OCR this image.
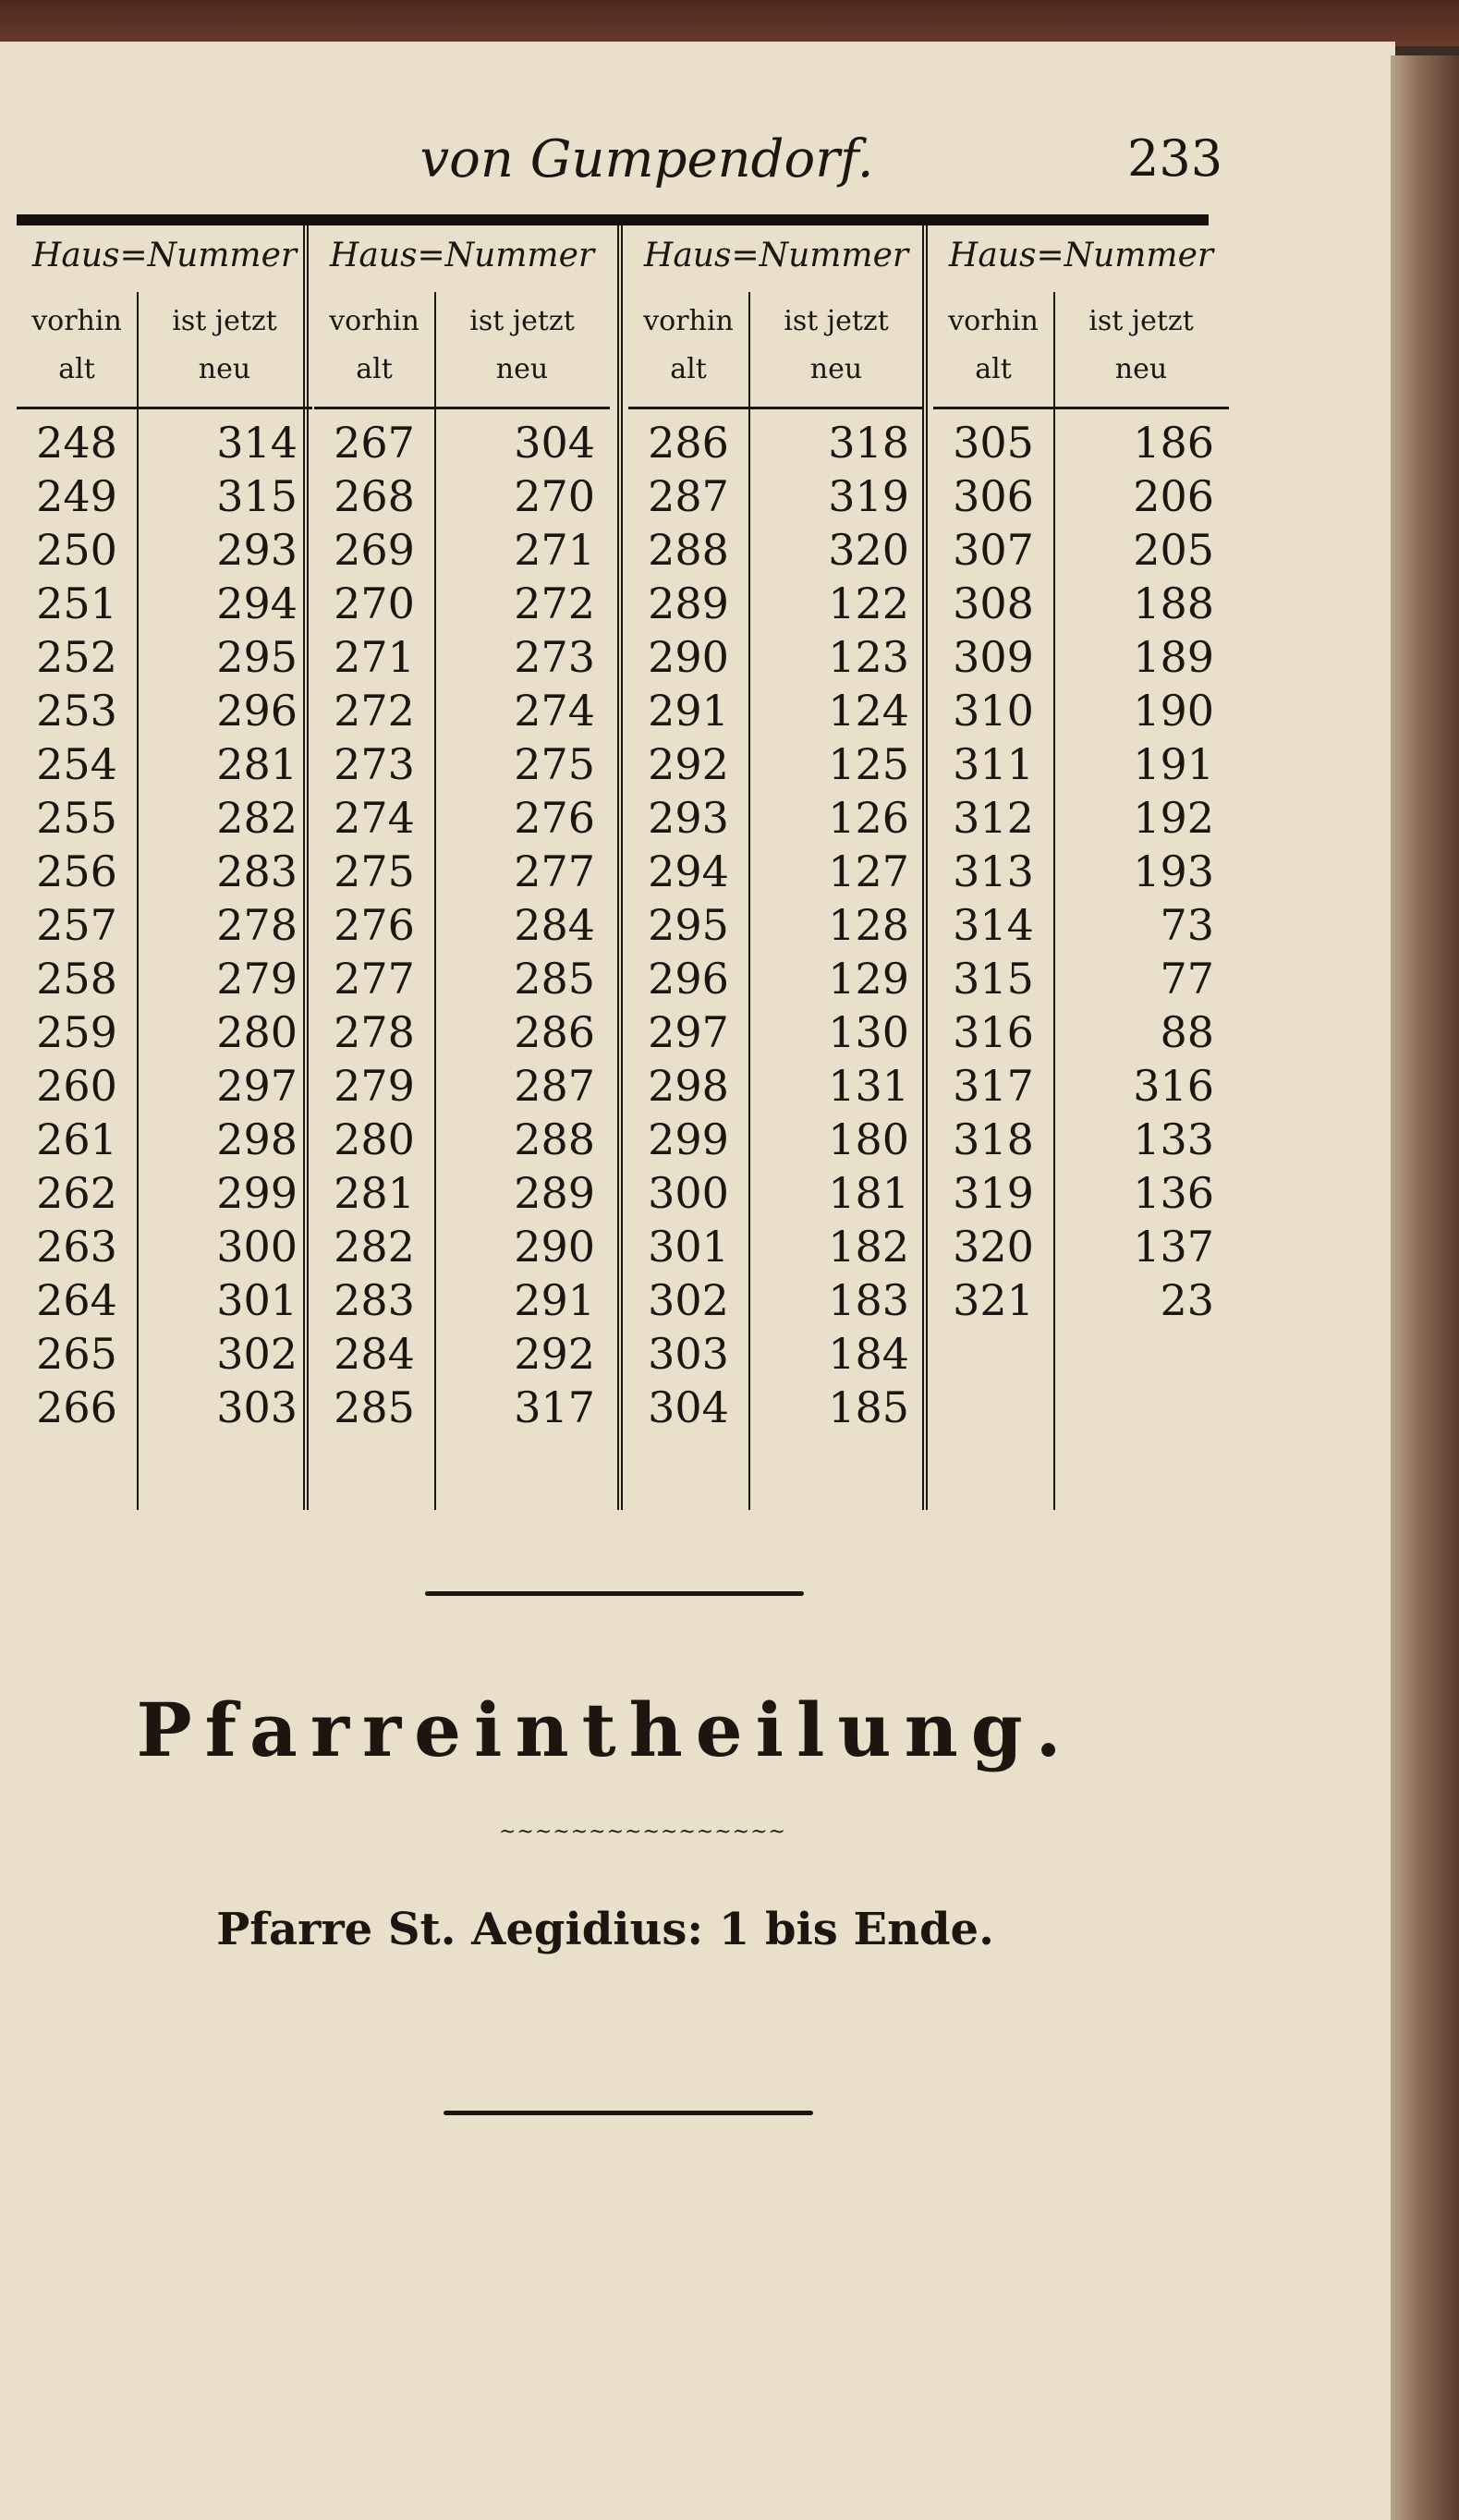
von Gumpendorf.	233
Haus=Nummer
vorhin
alt
ist jetzt
neu
248	314
249	315
250	293
251	294
252	295
253	296
254	281
255	282
256	283
257	278
258	279
259	280
260	297
261	298
262	299
263	300
264	301
265	302
266	303
Haus=Nummer
vorhin
alt
ist jetzt
neu
267	304
268	270
269	271
270	272
271	273
272	274
273	275
274	276
275	277
276	284
277	285
278	286
279	287
280	288
281	289
282	290
283	291
284	292
285	317
Haus=Nummer
vorhin
alt
ist jetzt
neu
286	318
287	319
288	320
289	122
290	123
291	124
292	125
293	126
294	127
295	128
296	129
297	130
298	131
299	180
300	181
301	182
302	183
303	184
304	185
Haus=Nummer
vorhin
alt
ist jetzt
neu
305	186
306	206
307	205
308	188
309	189
310	190
311	191
312	192
313	193
314	73
315	77
316	88
317	316
318	133
319	136
320	137
321	23
Pfarreintheilung.
~~~~~~~~~~~~~~~~
Pfarre St. Aegidius: 1 bis Ende.
